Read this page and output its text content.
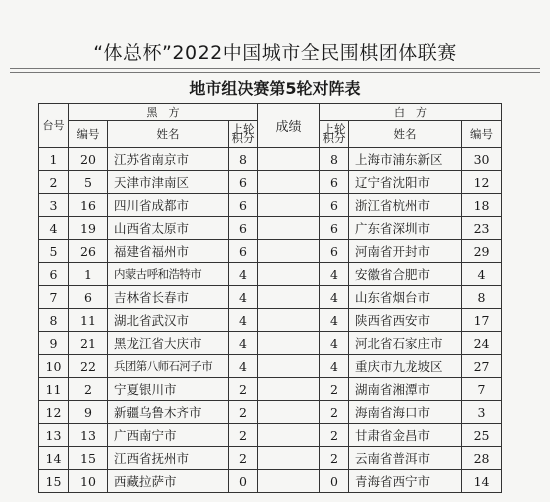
“体总杯”2022中国城市全民围棋团体联赛
地市组决赛第5轮对阵表
台号	黑　方			成绩	白　方		
	编号	姓名	上轮积分		上轮积分	姓名	编号
1	20	江苏省南京市	8		8	上海市浦东新区	30
2	5	天津市津南区	6		6	辽宁省沈阳市	12
3	16	四川省成都市	6		6	浙江省杭州市	18
4	19	山西省太原市	6		6	广东省深圳市	23
5	26	福建省福州市	6		6	河南省开封市	29
6	1	内蒙古呼和浩特市	4		4	安徽省合肥市	4
7	6	吉林省长春市	4		4	山东省烟台市	8
8	11	湖北省武汉市	4		4	陕西省西安市	17
9	21	黑龙江省大庆市	4		4	河北省石家庄市	24
10	22	兵团第八师石河子市	4		4	重庆市九龙坡区	27
11	2	宁夏银川市	2		2	湖南省湘潭市	7
12	9	新疆乌鲁木齐市	2		2	海南省海口市	3
13	13	广西南宁市	2		2	甘肃省金昌市	25
14	15	江西省抚州市	2		2	云南省普洱市	28
15	10	西藏拉萨市	0		0	青海省西宁市	14
